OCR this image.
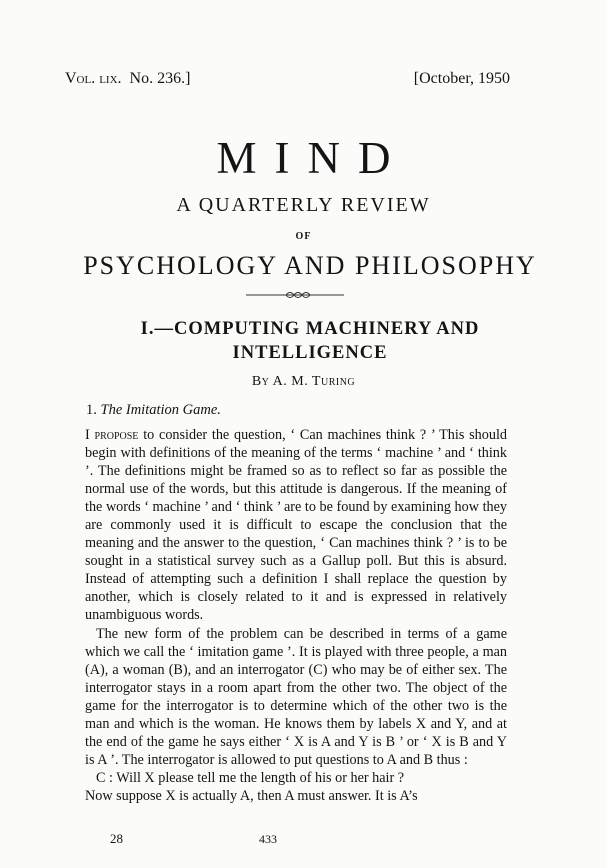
Vol. lix. No. 236.]	[October, 1950
MIND
A QUARTERLY REVIEW
OF
PSYCHOLOGY AND PHILOSOPHY
I.—COMPUTING MACHINERY AND
INTELLIGENCE
By A. M. Turing
1. The Imitation Game.

I propose to consider the question, ‘ Can machines think ? ’ This should begin with definitions of the meaning of the terms ‘ machine ’ and ‘ think ’. The definitions might be framed so as to reflect so far as possible the normal use of the words, but this attitude is dangerous. If the meaning of the words ‘ machine ’ and ‘ think ’ are to be found by examining how they are commonly used it is difficult to escape the conclusion that the meaning and the answer to the question, ‘ Can machines think ? ’ is to be sought in a statistical survey such as a Gallup poll. But this is absurd. Instead of attempting such a definition I shall replace the question by another, which is closely related to it and is expressed in relatively unambiguous words.

The new form of the problem can be described in terms of a game which we call the ‘ imitation game ’. It is played with three people, a man (A), a woman (B), and an interrogator (C) who may be of either sex. The interrogator stays in a room apart from the other two. The object of the game for the interrogator is to determine which of the other two is the man and which is the woman. He knows them by labels X and Y, and at the end of the game he says either ‘ X is A and Y is B ’ or ‘ X is B and Y is A ’. The interrogator is allowed to put questions to A and B thus :

C : Will X please tell me the length of his or her hair ?

Now suppose X is actually A, then A must answer. It is A’s

28	433
